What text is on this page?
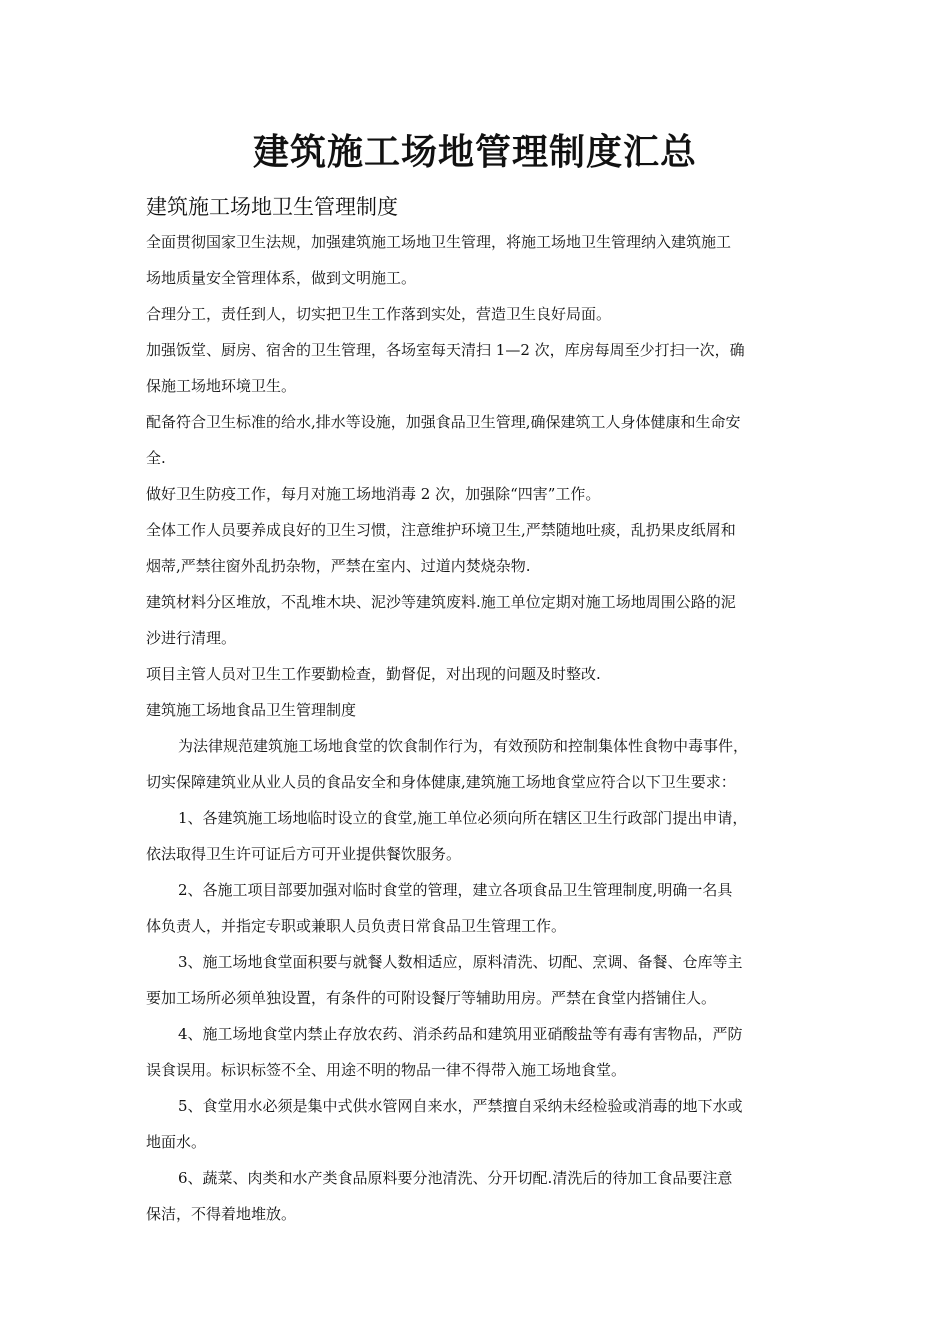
建筑施工场地管理制度汇总
建筑施工场地卫生管理制度
全面贯彻国家卫生法规，加强建筑施工场地卫生管理，将施工场地卫生管理纳入建筑施工
场地质量安全管理体系，做到文明施工。
合理分工，责任到人，切实把卫生工作落到实处，营造卫生良好局面。
加强饭堂、厨房、宿舍的卫生管理，各场室每天清扫 1—2 次，库房每周至少打扫一次，确
保施工场地环境卫生。
配备符合卫生标准的给水,排水等设施，加强食品卫生管理,确保建筑工人身体健康和生命安
全.
做好卫生防疫工作，每月对施工场地消毒 2 次，加强除“四害”工作。
全体工作人员要养成良好的卫生习惯，注意维护环境卫生,严禁随地吐痰，乱扔果皮纸屑和
烟蒂,严禁往窗外乱扔杂物，严禁在室内、过道内焚烧杂物.
建筑材料分区堆放，不乱堆木块、泥沙等建筑废料.施工单位定期对施工场地周围公路的泥
沙进行清理。
项目主管人员对卫生工作要勤检查，勤督促，对出现的问题及时整改.
建筑施工场地食品卫生管理制度
为法律规范建筑施工场地食堂的饮食制作行为，有效预防和控制集体性食物中毒事件，
切实保障建筑业从业人员的食品安全和身体健康,建筑施工场地食堂应符合以下卫生要求：
1、各建筑施工场地临时设立的食堂,施工单位必须向所在辖区卫生行政部门提出申请，
依法取得卫生许可证后方可开业提供餐饮服务。
2、各施工项目部要加强对临时食堂的管理，建立各项食品卫生管理制度,明确一名具
体负责人，并指定专职或兼职人员负责日常食品卫生管理工作。
3、施工场地食堂面积要与就餐人数相适应，原料清洗、切配、烹调、备餐、仓库等主
要加工场所必须单独设置，有条件的可附设餐厅等辅助用房。严禁在食堂内搭铺住人。
4、施工场地食堂内禁止存放农药、消杀药品和建筑用亚硝酸盐等有毒有害物品，严防
误食误用。标识标签不全、用途不明的物品一律不得带入施工场地食堂。
5、食堂用水必须是集中式供水管网自来水，严禁擅自采纳未经检验或消毒的地下水或
地面水。
6、蔬菜、肉类和水产类食品原料要分池清洗、分开切配.清洗后的待加工食品要注意
保洁，不得着地堆放。
